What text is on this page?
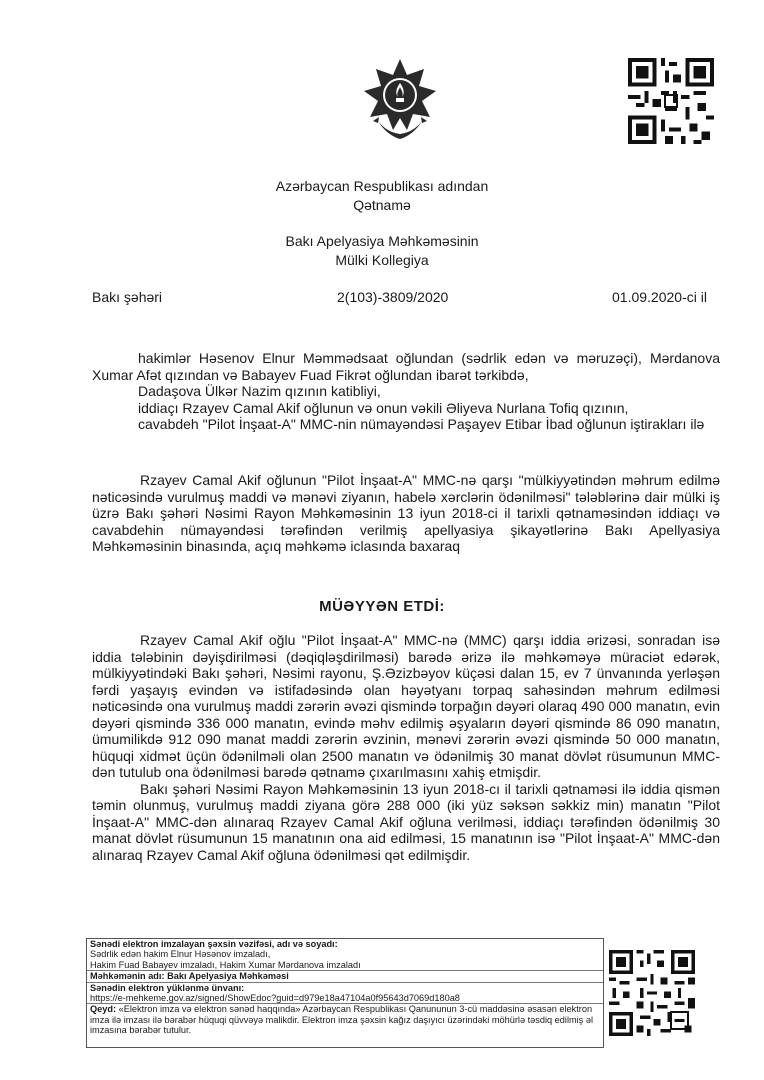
Azərbaycan Respublikası adından
Qətnamə
Bakı Apelyasiya Məhkəməsinin
Mülki Kollegiya
Bakı şəhəri	2(103)-3809/2020	01.09.2020-ci il

hakimlər Həsenov Elnur Məmmədsaat oğlundan (sədrlik edən və məruzəçi), Mərdanova Xumar Afət qızından və Babayev Fuad Fikrət oğlundan ibarət tərkibdə,

Dadaşova Ülkər Nazim qızının katibliyi,

iddiaçı Rzayev Camal Akif oğlunun və onun vəkili Əliyeva Nurlana Tofiq qızının,

cavabdeh "Pilot İnşaat-A" MMC-nin nümayəndəsi Paşayev Etibar İbad oğlunun iştirakları ilə

Rzayev Camal Akif oğlunun "Pilot İnşaat-A" MMC-nə qarşı "mülkiyyətindən məhrum edilmə nəticəsində vurulmuş maddi və mənəvi ziyanın, habelə xərclərin ödənilməsi" tələblərinə dair mülki iş üzrə Bakı şəhəri Nəsimi Rayon Məhkəməsinin 13 iyun 2018-ci il tarixli qətnaməsindən iddiaçı və cavabdehin nümayəndəsi tərəfindən verilmiş apellyasiya şikayətlərinə Bakı Apellyasiya Məhkəməsinin binasında, açıq məhkəmə iclasında baxaraq

MÜƏYYƏN ETDİ:

Rzayev Camal Akif oğlu "Pilot İnşaat-A" MMC-nə (MMC) qarşı iddia ərizəsi, sonradan isə iddia tələbinin dəyişdirilməsi (dəqiqləşdirilməsi) barədə ərizə ilə məhkəməyə müraciət edərək, mülkiyyətindəki Bakı şəhəri, Nəsimi rayonu, Ş.Əzizbəyov küçəsi dalan 15, ev 7 ünvanında yerləşən fərdi yaşayış evindən və istifadəsində olan həyətyanı torpaq sahəsindən məhrum edilməsi nəticəsində ona vurulmuş maddi zərərin əvəzi qismində torpağın dəyəri olaraq 490 000 manatın, evin dəyəri qismində 336 000 manatın, evində məhv edilmiş əşyaların dəyəri qismində 86 090 manatın, ümumilikdə 912 090 manat maddi zərərin əvzinin, mənəvi zərərin əvəzi qismində 50 000 manatın, hüquqi xidmət üçün ödənilməli olan 2500 manatın və ödənilmiş 30 manat dövlət rüsumunun MMC-dən tutulub ona ödənilməsi barədə qətnamə çıxarılmasını xahiş etmişdir.

Bakı şəhəri Nəsimi Rayon Məhkəməsinin 13 iyun 2018-cı il tarixli qətnaməsi ilə iddia qismən təmin olunmuş, vurulmuş maddi ziyana görə 288 000 (iki yüz səksən səkkiz min) manatın "Pilot İnşaat-A" MMC-dən alınaraq Rzayev Camal Akif oğluna verilməsi, iddiaçı tərəfindən ödənilmiş 30 manat dövlət rüsumunun 15 manatının ona aid edilməsi, 15 manatının isə "Pilot İnşaat-A" MMC-dən alınaraq Rzayev Camal Akif oğluna ödənilməsi qət edilmişdir.

Sənədi elektron imzalayan şəxsin vəzifəsi, adı və soyadı:
Sədrlik edən hakim Elnur Həsənov imzaladı,
Hakim Fuad Babayev imzaladı, Hakim Xumar Mərdanova imzaladı
Məhkəmənin adı: Bakı Apelyasiya Məhkəməsi
Sənədin elektron yüklənmə ünvanı:
https://e-mehkeme.gov.az/signed/ShowEdoc?guid=d979e18a47104a0f95643d7069d180a8
Qeyd: «Elektron imza və elektron sənəd haqqında» Azərbaycan Respublikası Qanununun 3-cü maddəsinə əsasən elektron imza ilə imzası ilə bərabər hüquqi qüvvəyə malikdir. Elektron imza şəxsin kağız daşıyıcı üzərindəki möhürlə təsdiq edilmiş əl imzasına bərabər tutulur.
